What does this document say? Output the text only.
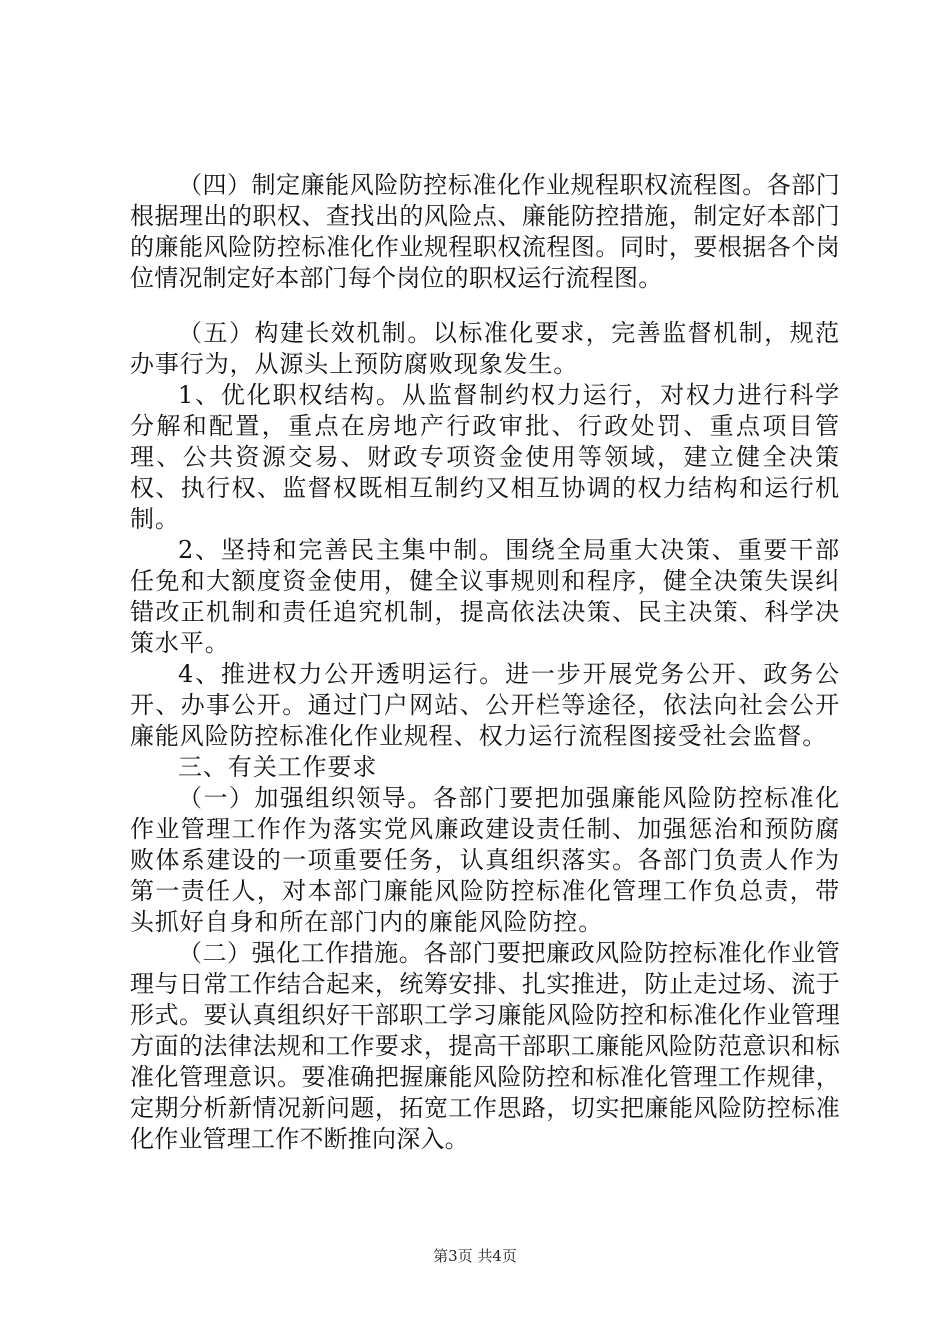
（四）制定廉能风险防控标准化作业规程职权流程图。各部门根据理出的职权、查找出的风险点、廉能防控措施，制定好本部门的廉能风险防控标准化作业规程职权流程图。同时，要根据各个岗位情况制定好本部门每个岗位的职权运行流程图。

（五）构建长效机制。以标准化要求，完善监督机制，规范办事行为，从源头上预防腐败现象发生。

1、优化职权结构。从监督制约权力运行，对权力进行科学分解和配置，重点在房地产行政审批、行政处罚、重点项目管理、公共资源交易、财政专项资金使用等领域，建立健全决策权、执行权、监督权既相互制约又相互协调的权力结构和运行机制。

2、坚持和完善民主集中制。围绕全局重大决策、重要干部任免和大额度资金使用，健全议事规则和程序，健全决策失误纠错改正机制和责任追究机制，提高依法决策、民主决策、科学决策水平。

4、推进权力公开透明运行。进一步开展党务公开、政务公开、办事公开。通过门户网站、公开栏等途径，依法向社会公开廉能风险防控标准化作业规程、权力运行流程图接受社会监督。

三、有关工作要求

（一）加强组织领导。各部门要把加强廉能风险防控标准化作业管理工作作为落实党风廉政建设责任制、加强惩治和预防腐败体系建设的一项重要任务，认真组织落实。各部门负责人作为第一责任人，对本部门廉能风险防控标准化管理工作负总责，带头抓好自身和所在部门内的廉能风险防控。

（二）强化工作措施。各部门要把廉政风险防控标准化作业管理与日常工作结合起来，统筹安排、扎实推进，防止走过场、流于形式。要认真组织好干部职工学习廉能风险防控和标准化作业管理方面的法律法规和工作要求，提高干部职工廉能风险防范意识和标准化管理意识。要准确把握廉能风险防控和标准化管理工作规律，定期分析新情况新问题，拓宽工作思路，切实把廉能风险防控标准化作业管理工作不断推向深入。

第3页 共4页
